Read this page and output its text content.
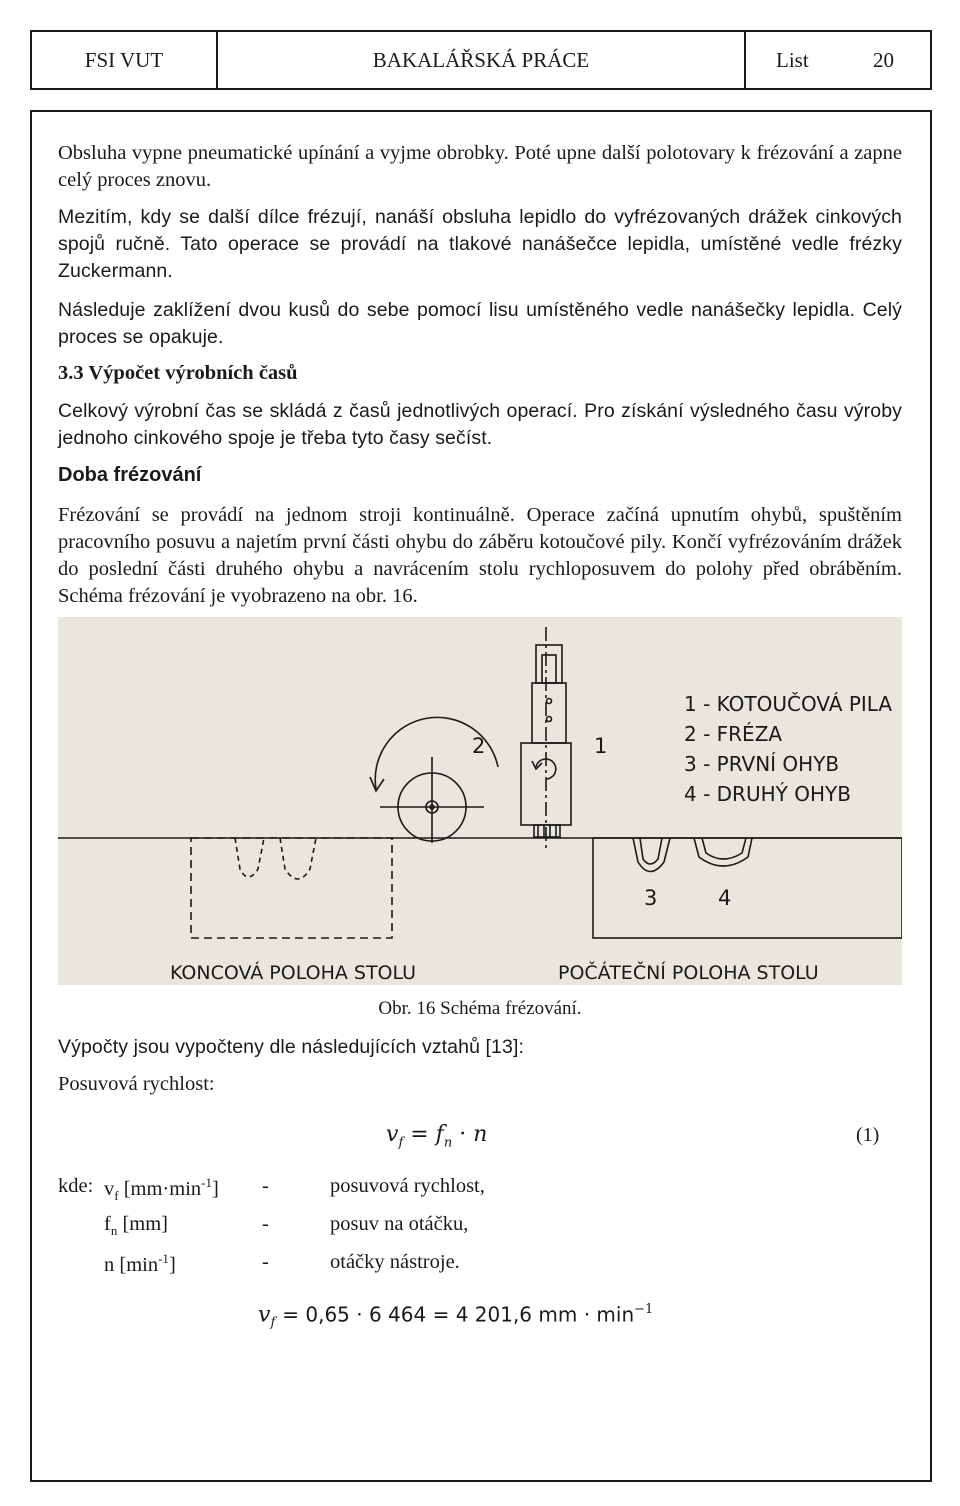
FSI VUT	BAKALÁŘSKÁ PRÁCE	List	20
Obsluha vypne pneumatické upínání a vyjme obrobky. Poté upne další polotovary k frézování a zapne celý proces znovu.
Mezitím, kdy se další dílce frézují, nanáší obsluha lepidlo do vyfrézovaných drážek cinkových spojů ručně. Tato operace se provádí na tlakové nanášečce lepidla, umístěné vedle frézky Zuckermann.
Následuje zaklížení dvou kusů do sebe pomocí lisu umístěného vedle nanášečky lepidla. Celý proces se opakuje.
3.3 Výpočet výrobních časů
Celkový výrobní čas se skládá z časů jednotlivých operací. Pro získání výsledného času výroby jednoho cinkového spoje je třeba tyto časy sečíst.
Doba frézování
Frézování se provádí na jednom stroji kontinuálně. Operace začíná upnutím ohybů, spuštěním pracovního posuvu a najetím první části ohybu do záběru kotoučové pily. Končí vyfrézováním drážek do poslední části druhého ohybu a navrácením stolu rychloposuvem do polohy před obráběním. Schéma frézování je vyobrazeno na obr. 16.
2	1
3	4
1 - KOTOUČOVÁ PILA
2 - FRÉZA
3 - PRVNÍ OHYB
4 - DRUHÝ OHYB
KONCOVÁ POLOHA STOLU	POČÁTEČNÍ POLOHA STOLU
Obr. 16 Schéma frézování.
Výpočty jsou vypočteny dle následujících vztahů [13]:
Posuvová rychlost:
$v_f = f_n \cdot n$	(1)
kde: $v_f$ $[mm\cdot\min^{-1}]$ -	posuvová rychlost,
$f_n$ [mm]	-	posuv na otáčku,
n $[\min^{-1}]$	-	otáčky nástroje.
$v_f = 0,65 \cdot 6$ 464 = 4 201,6 mm · $\min^{-1}$
